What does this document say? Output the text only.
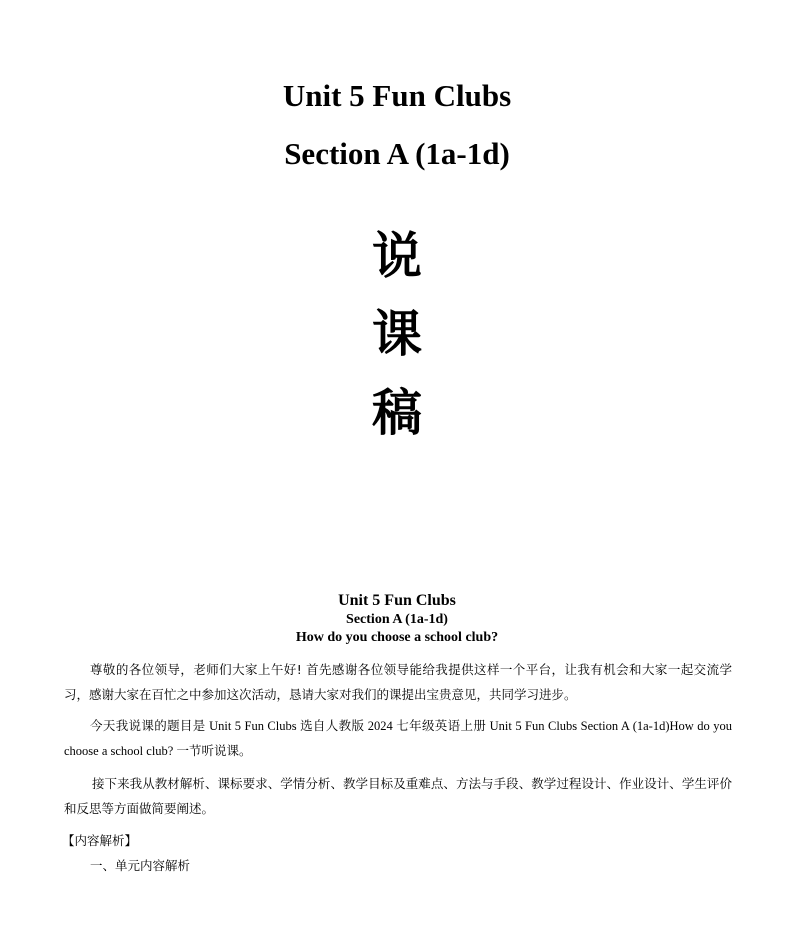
Unit 5 Fun Clubs
Section A (1a-1d)
说
课
稿
Unit 5 Fun Clubs
Section A (1a-1d)
How do you choose a school club?
尊敬的各位领导，老师们大家上午好! 首先感谢各位领导能给我提供这样一个平台，让我有机会和大家一起交流学习，感谢大家在百忙之中参加这次活动，恳请大家对我们的课提出宝贵意见，共同学习进步。
今天我说课的题目是 Unit 5 Fun Clubs 选自人教版 2024 七年级英语上册 Unit 5 Fun Clubs Section A (1a-1d)How do you choose a school club? 一节听说课。
接下来我从教材解析、课标要求、学情分析、教学目标及重难点、方法与手段、教学过程设计、作业设计、学生评价和反思等方面做简要阐述。
【内容解析】
一、单元内容解析
